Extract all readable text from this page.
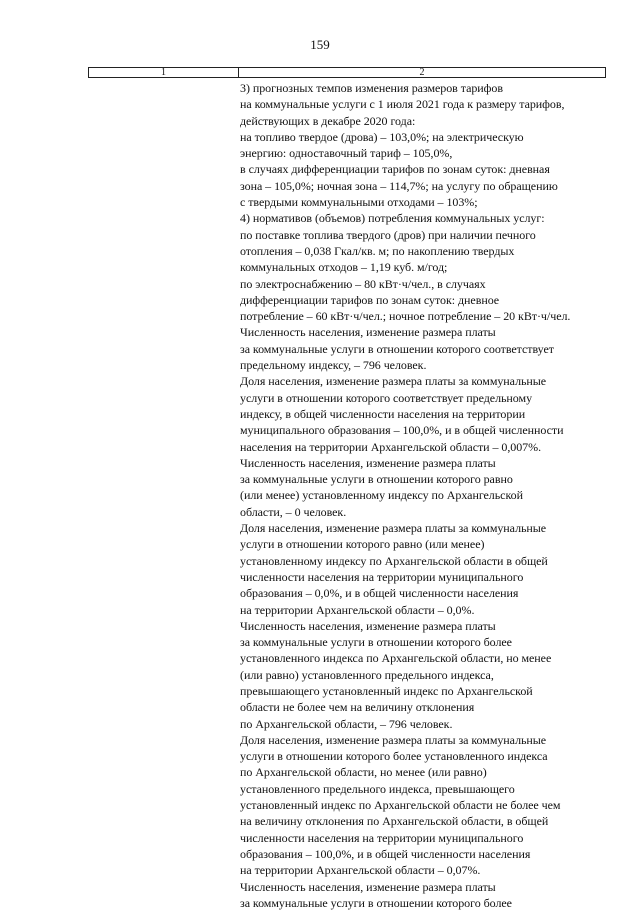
159
1	2
3) прогнозных темпов изменения размеров тарифов
на коммунальные услуги с 1 июля 2021 года к размеру тарифов,
действующих в декабре 2020 года:
на топливо твердое (дрова) – 103,0%; на электрическую
энергию: одноставочный тариф – 105,0%,
в случаях дифференциации тарифов по зонам суток: дневная
зона – 105,0%; ночная зона – 114,7%; на услугу по обращению
с твердыми коммунальными отходами – 103%;
4) нормативов (объемов) потребления коммунальных услуг:
по поставке топлива твердого (дров) при наличии печного
отопления – 0,038 Гкал/кв. м; по накоплению твердых
коммунальных отходов – 1,19 куб. м/год;
по электроснабжению – 80 кВт·ч/чел., в случаях
дифференциации тарифов по зонам суток: дневное
потребление – 60 кВт·ч/чел.; ночное потребление – 20 кВт·ч/чел.
Численность населения, изменение размера платы
за коммунальные услуги в отношении которого соответствует
предельному индексу, – 796 человек.
Доля населения, изменение размера платы за коммунальные
услуги в отношении которого соответствует предельному
индексу, в общей численности населения на территории
муниципального образования – 100,0%, и в общей численности
населения на территории Архангельской области – 0,007%.
Численность населения, изменение размера платы
за коммунальные услуги в отношении которого равно
(или менее) установленному индексу по Архангельской
области, – 0 человек.
Доля населения, изменение размера платы за коммунальные
услуги в отношении которого равно (или менее)
установленному индексу по Архангельской области в общей
численности населения на территории муниципального
образования – 0,0%, и в общей численности населения
на территории Архангельской области – 0,0%.
Численность населения, изменение размера платы
за коммунальные услуги в отношении которого более
установленного индекса по Архангельской области, но менее
(или равно) установленного предельного индекса,
превышающего установленный индекс по Архангельской
области не более чем на величину отклонения
по Архангельской области, – 796 человек.
Доля населения, изменение размера платы за коммунальные
услуги в отношении которого более установленного индекса
по Архангельской области, но менее (или равно)
установленного предельного индекса, превышающего
установленный индекс по Архангельской области не более чем
на величину отклонения по Архангельской области, в общей
численности населения на территории муниципального
образования – 100,0%, и в общей численности населения
на территории Архангельской области – 0,07%.
Численность населения, изменение размера платы
за коммунальные услуги в отношении которого более
